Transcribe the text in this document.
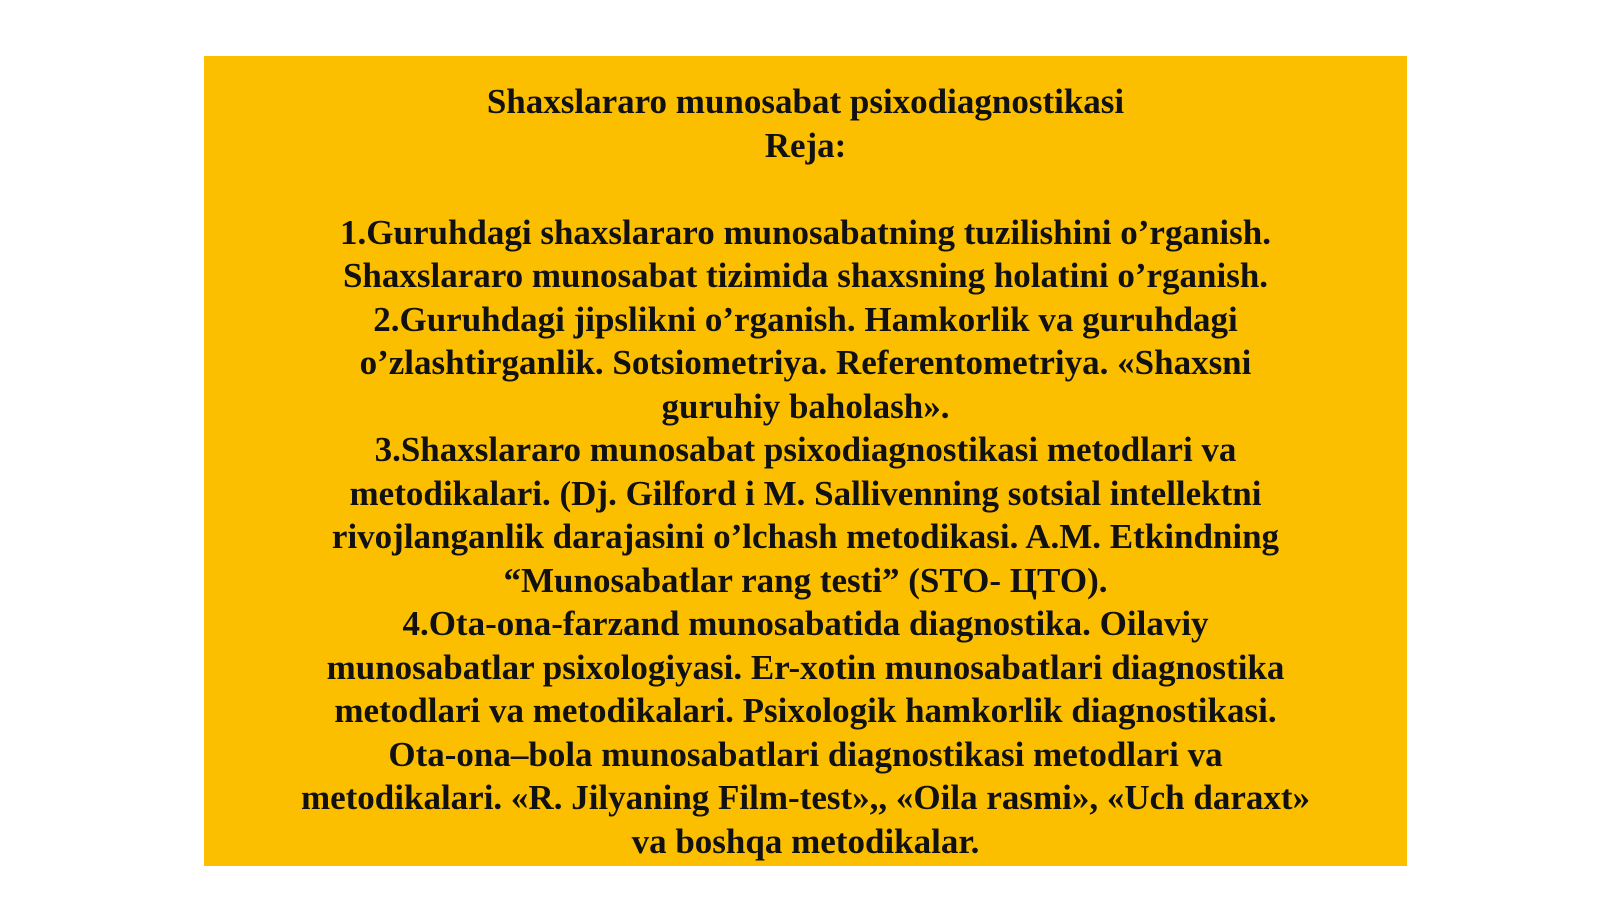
Shaxslararo munosabat psixodiagnostikasi
Reja:
1.Guruhdagi shaxslararo munosabatning tuzilishini o’rganish.
Shaxslararo munosabat tizimida shaxsning holatini o’rganish.
2.Guruhdagi jipslikni o’rganish. Hamkorlik va guruhdagi
o’zlashtirganlik. Sotsiometriya. Referentometriya. «Shaxsni
guruhiy baholash».
3.Shaxslararo munosabat psixodiagnostikasi metodlari va
metodikalari. (Dj. Gilford i M. Sallivenning sotsial intellektni
rivojlanganlik darajasini o’lchash metodikasi. A.M. Etkindning
“Munosabatlar rang testi” (STO- ЦТО).
4.Ota-ona-farzand munosabatida diagnostika. Oilaviy
munosabatlar psixologiyasi. Er-xotin munosabatlari diagnostika
metodlari va metodikalari. Psixologik hamkorlik diagnostikasi.
Ota-ona–bola munosabatlari diagnostikasi metodlari va
metodikalari. «R. Jilyaning Film-test»,, «Oila rasmi», «Uch daraxt»
va boshqa metodikalar.
